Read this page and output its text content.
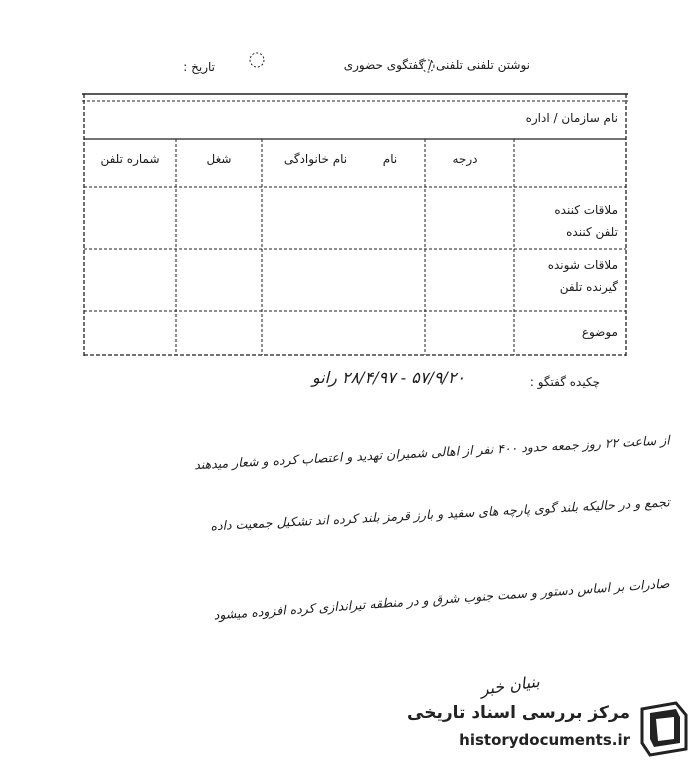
نوشتن تلفنی تلفنی / گفتگوی حضوری
تاریخ :
نام سازمان / اداره
درجه
نام
نام خانوادگی
شغل
شماره تلفن
ملاقات کننده
تلفن کننده
ملاقات شونده
گیرنده تلفن
موضوع
چکیده گفتگو :
۵۷/۹/۲۰ - ۲۸/۴/۹۷ رانو
از ساعت ۲۲ روز جمعه حدود ۴۰۰ نفر از اهالی شمیران تهدید و اعتصاب کرده و شعار میدهند
تجمع و در حالیکه بلند گوی پارچه های سفید و بارز قرمز بلند کرده اند تشکیل جمعیت داده
صادرات بر اساس دستور و سمت جنوب شرق و در منطقه تیراندازی کرده افزوده میشود
بنیان خبر
مرکز بررسی اسناد تاریخی
historydocuments.ir
